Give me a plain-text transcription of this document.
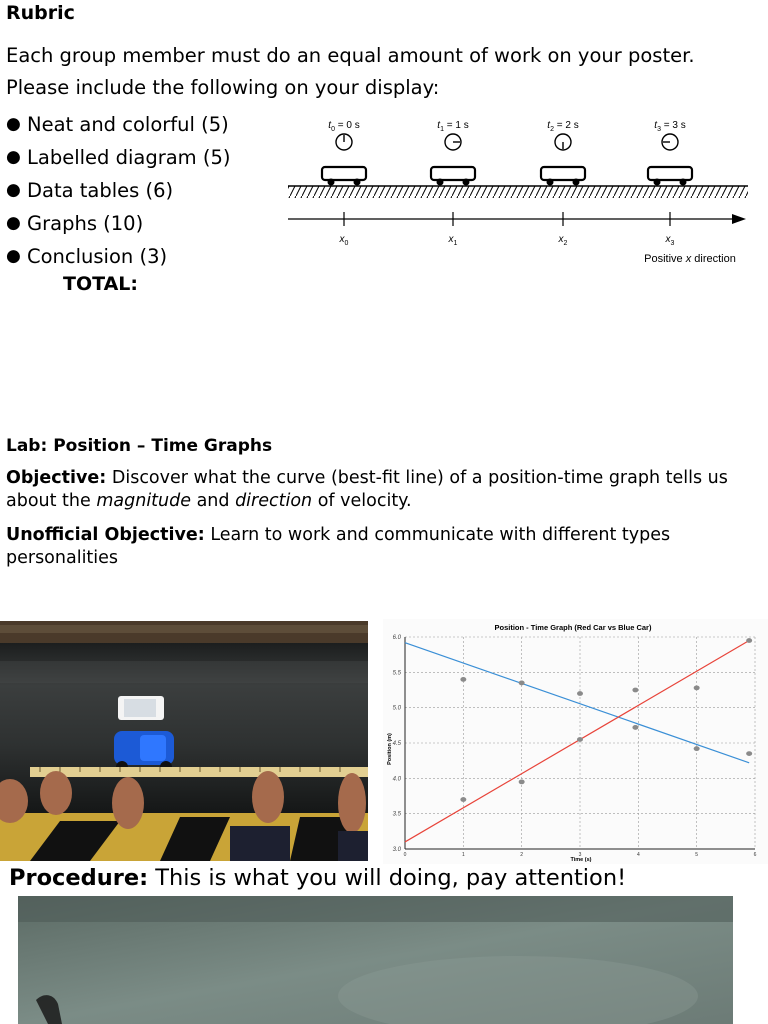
Rubric
Each group member must do an equal amount of work on your poster.
Please include the following on your display:
● Neat and colorful (5)
● Labelled diagram (5)
● Data tables (6)
● Graphs (10)
● Conclusion (3)
TOTAL:
$t_0 = 0$ s	$t_1 = 1$ s	$t_2 = 2$ s	$t_3 = 3$ s
$x_0$	$x_1$	$x_2$	$x_3$
Positive x direction
Lab: Position – Time Graphs
Objective: Discover what the curve (best-fit line) of a position-time graph tells us about the magnitude and direction of velocity.
Unofficial Objective: Learn to work and communicate with different types personalities
Position - Time Graph (Red Car vs Blue Car)
3.0
3.5
4.0
4.5
5.0
5.5
6.0
0	1	2	3	4	5	6
Time (s)
Position (m)
Procedure: This is what you will doing, pay attention!
